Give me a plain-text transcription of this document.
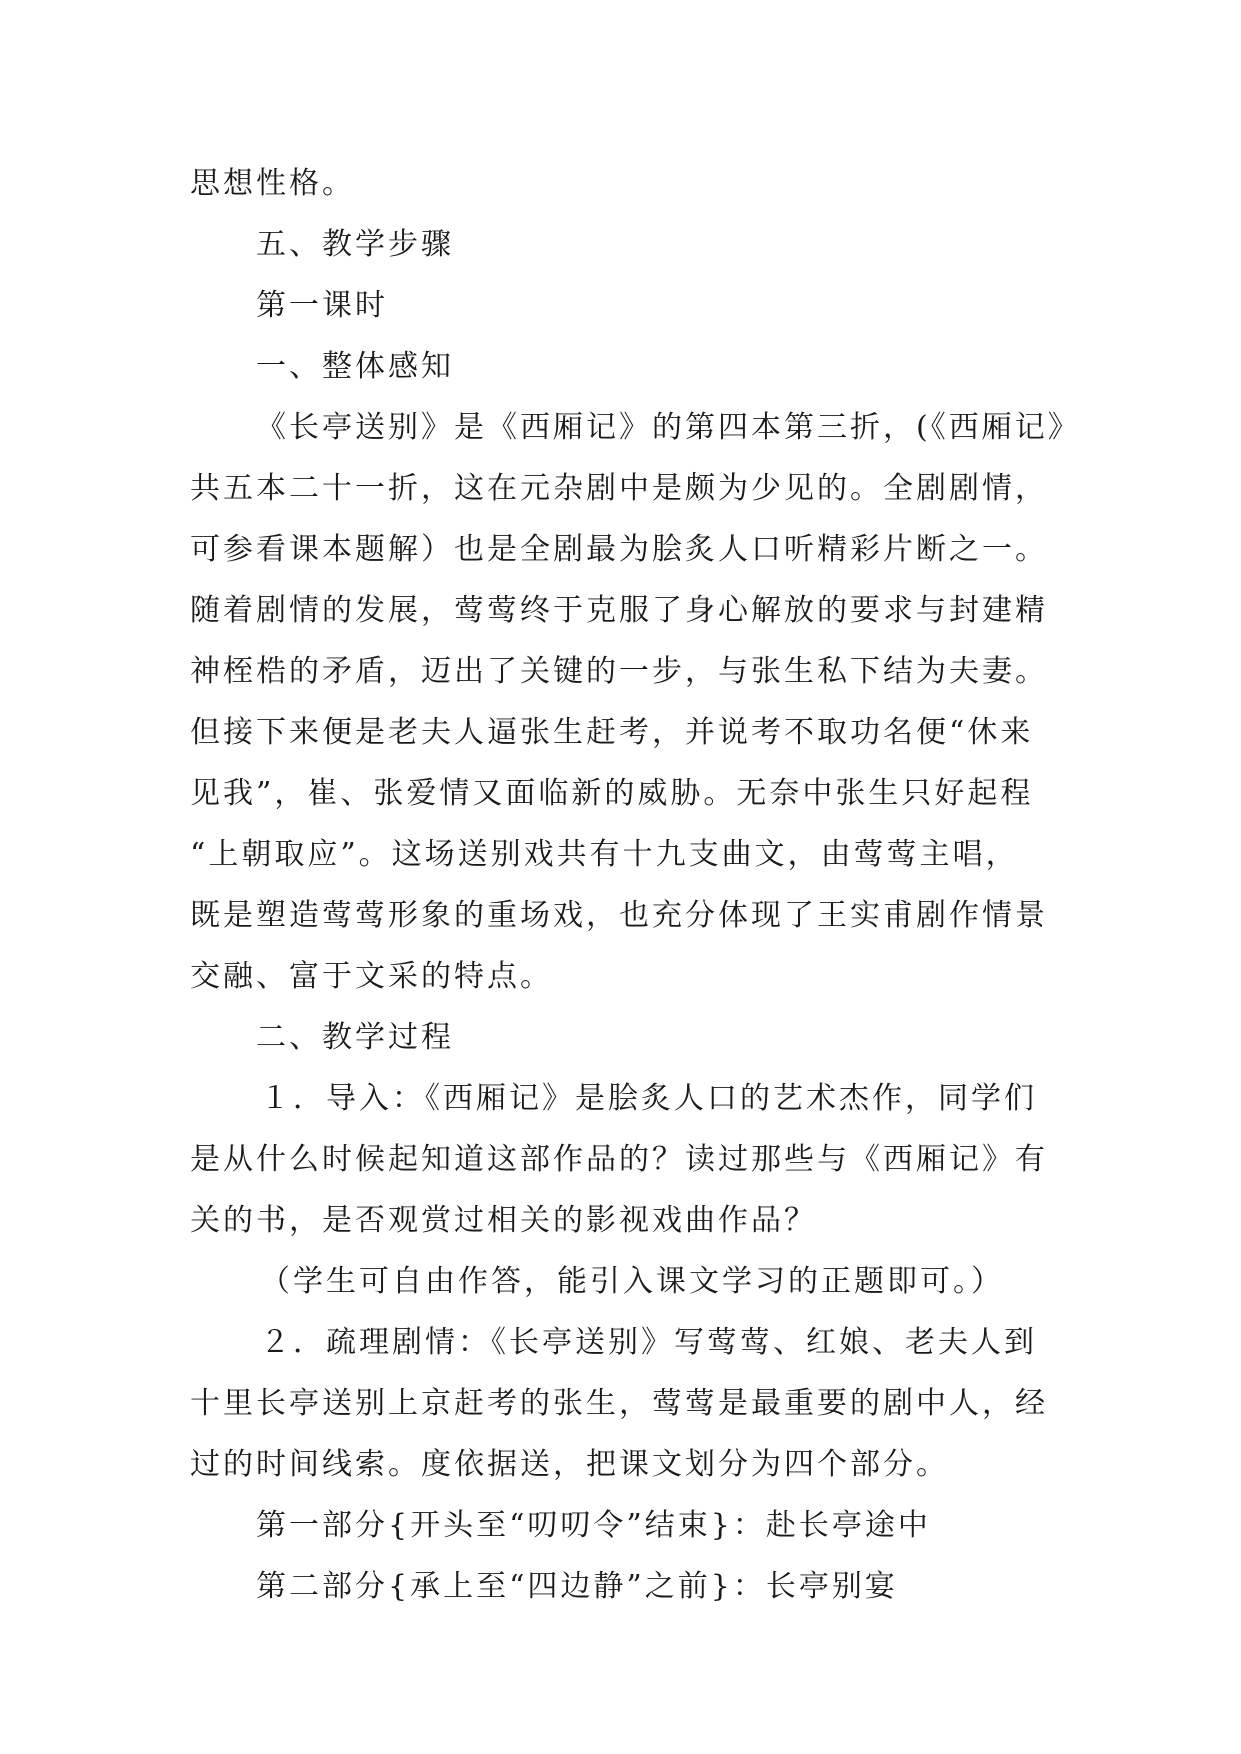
思想性格。
五、教学步骤
第一课时
一、整体感知
《长亭送别》是《西厢记》的第四本第三折，(《西厢记》
共五本二十一折，这在元杂剧中是颇为少见的。全剧剧情，
可参看课本题解）也是全剧最为脍炙人口听精彩片断之一。
随着剧情的发展，莺莺终于克服了身心解放的要求与封建精
神桎梏的矛盾，迈出了关键的一步，与张生私下结为夫妻。
但接下来便是老夫人逼张生赶考，并说考不取功名便“休来
见我”，崔、张爱情又面临新的威胁。无奈中张生只好起程
“上朝取应”。这场送别戏共有十九支曲文，由莺莺主唱，
既是塑造莺莺形象的重场戏，也充分体现了王实甫剧作情景
交融、富于文采的特点。
二、教学过程
１．导入：《西厢记》是脍炙人口的艺术杰作，同学们
是从什么时候起知道这部作品的？读过那些与《西厢记》有
关的书，是否观赏过相关的影视戏曲作品？
（学生可自由作答，能引入课文学习的正题即可。）
２．疏理剧情：《长亭送别》写莺莺、红娘、老夫人到
十里长亭送别上京赶考的张生，莺莺是最重要的剧中人，经
过的时间线索。度依据送，把课文划分为四个部分。
第一部分{开头至“叨叨令”结束}：赴长亭途中
第二部分{承上至“四边静”之前}：长亭别宴
